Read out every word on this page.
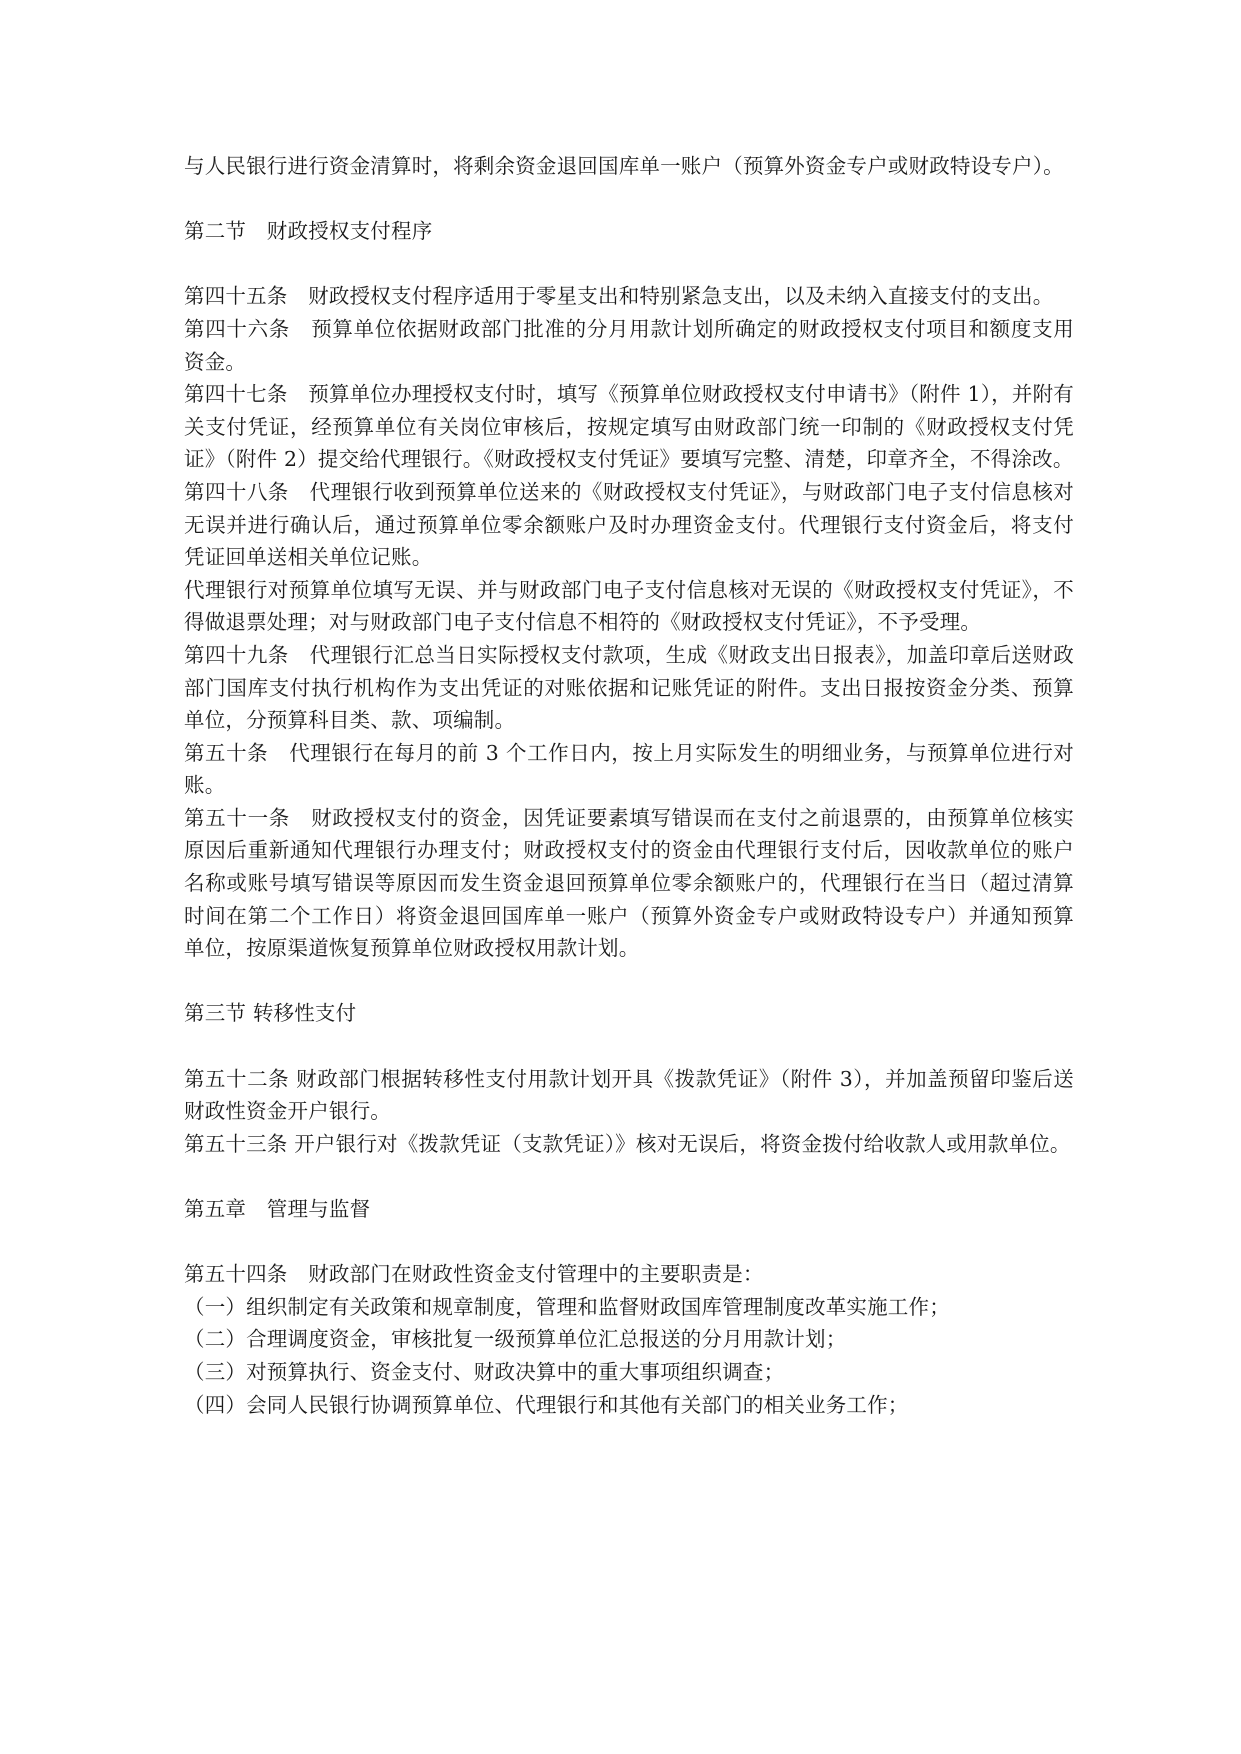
与人民银行进行资金清算时，将剩余资金退回国库单一账户（预算外资金专户或财政特设专户）。

第二节　财政授权支付程序

第四十五条　财政授权支付程序适用于零星支出和特别紧急支出，以及未纳入直接支付的支出。

第四十六条　预算单位依据财政部门批准的分月用款计划所确定的财政授权支付项目和额度支用资金。

第四十七条　预算单位办理授权支付时，填写《预算单位财政授权支付申请书》（附件 1），并附有关支付凭证，经预算单位有关岗位审核后，按规定填写由财政部门统一印制的《财政授权支付凭证》（附件 2）提交给代理银行。《财政授权支付凭证》要填写完整、清楚，印章齐全，不得涂改。

第四十八条　代理银行收到预算单位送来的《财政授权支付凭证》，与财政部门电子支付信息核对无误并进行确认后，通过预算单位零余额账户及时办理资金支付。代理银行支付资金后，将支付凭证回单送相关单位记账。

代理银行对预算单位填写无误、并与财政部门电子支付信息核对无误的《财政授权支付凭证》，不得做退票处理；对与财政部门电子支付信息不相符的《财政授权支付凭证》，不予受理。

第四十九条　代理银行汇总当日实际授权支付款项，生成《财政支出日报表》，加盖印章后送财政部门国库支付执行机构作为支出凭证的对账依据和记账凭证的附件。支出日报按资金分类、预算单位，分预算科目类、款、项编制。

第五十条　代理银行在每月的前 3 个工作日内，按上月实际发生的明细业务，与预算单位进行对账。

第五十一条　财政授权支付的资金，因凭证要素填写错误而在支付之前退票的，由预算单位核实原因后重新通知代理银行办理支付；财政授权支付的资金由代理银行支付后，因收款单位的账户名称或账号填写错误等原因而发生资金退回预算单位零余额账户的，代理银行在当日（超过清算时间在第二个工作日）将资金退回国库单一账户（预算外资金专户或财政特设专户）并通知预算单位，按原渠道恢复预算单位财政授权用款计划。

第三节 转移性支付

第五十二条 财政部门根据转移性支付用款计划开具《拨款凭证》（附件 3），并加盖预留印鉴后送财政性资金开户银行。

第五十三条 开户银行对《拨款凭证（支款凭证）》核对无误后，将资金拨付给收款人或用款单位。

第五章　管理与监督

第五十四条　财政部门在财政性资金支付管理中的主要职责是：

（一）组织制定有关政策和规章制度，管理和监督财政国库管理制度改革实施工作；

（二）合理调度资金，审核批复一级预算单位汇总报送的分月用款计划；

（三）对预算执行、资金支付、财政决算中的重大事项组织调查；

（四）会同人民银行协调预算单位、代理银行和其他有关部门的相关业务工作；
